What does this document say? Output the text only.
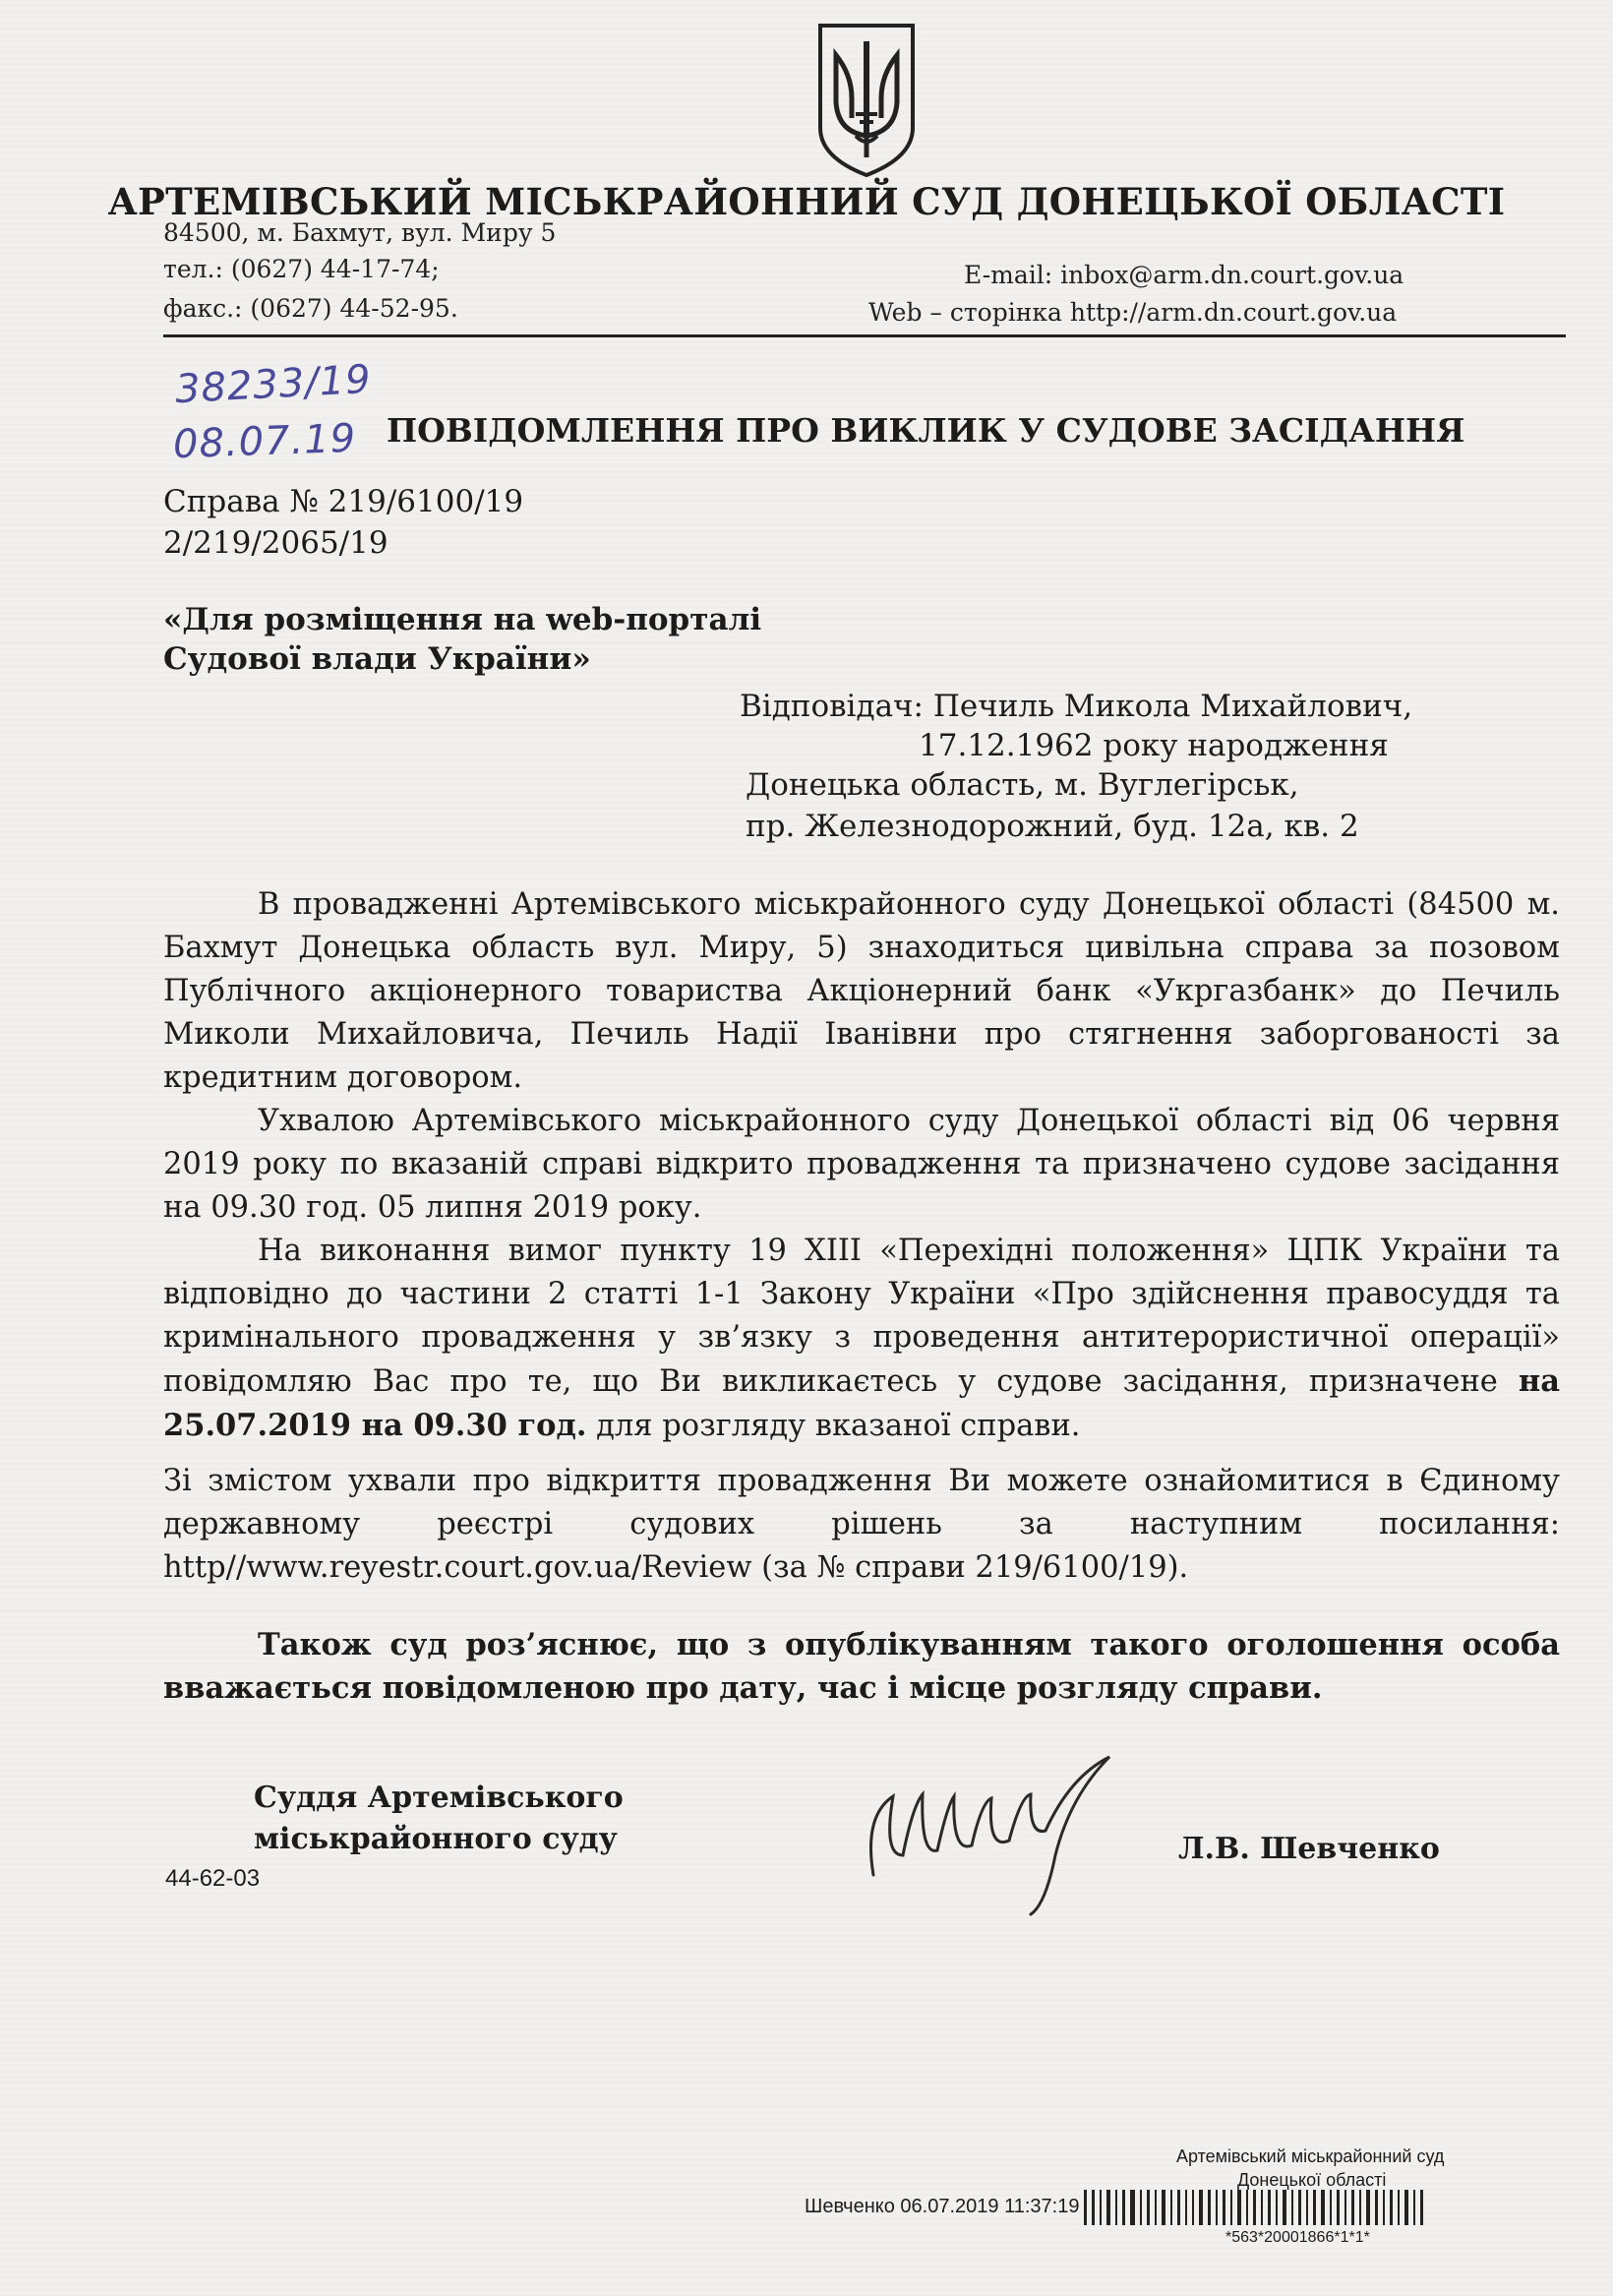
АРТЕМІВСЬКИЙ МІСЬКРАЙОННИЙ СУД ДОНЕЦЬКОЇ ОБЛАСТІ
84500, м. Бахмут, вул. Миру 5
тел.: (0627) 44-17-74;
факс.: (0627) 44-52-95.
E-mail: inbox@arm.dn.court.gov.ua
Web – сторінка http://arm.dn.court.gov.ua
38233/19
08.07.19 ПОВІДОМЛЕННЯ ПРО ВИКЛИК У СУДОВЕ ЗАСІДАННЯ
Справа № 219/6100/19
2/219/2065/19
«Для розміщення на web-порталі
Судової влади України»
Відповідач: Печиль Микола Михайлович,
17.12.1962 року народження
Донецька область, м. Вуглегірськ,
пр. Железнодорожний, буд. 12а, кв. 2

В провадженні Артемівського міськрайонного суду Донецької області (84500 м. Бахмут Донецька область вул. Миру, 5) знаходиться цивільна справа за позовом Публічного акціонерного товариства Акціонерний банк «Укргазбанк» до Печиль Миколи Михайловича, Печиль Надії Іванівни про стягнення заборгованості за кредитним договором.

Ухвалою Артемівського міськрайонного суду Донецької області від 06 червня 2019 року по вказаній справі відкрито провадження та призначено судове засідання на 09.30 год. 05 липня 2019 року.

На виконання вимог пункту 19 XIII «Перехідні положення» ЦПК України та відповідно до частини 2 статті 1-1 Закону України «Про здійснення правосуддя та кримінального провадження у зв’язку з проведення антитерористичної операції» повідомляю Вас про те, що Ви викликаєтесь у судове засідання, призначене на 25.07.2019 на 09.30 год. для розгляду вказаної справи.

Зі змістом ухвали про відкриття провадження Ви можете ознайомитися в Єдиному державному реєстрі судових рішень за наступним посилання: http//www.reyestr.court.gov.ua/Review (за № справи 219/6100/19).

Також суд роз’яснює, що з опублікуванням такого оголошення особа вважається повідомленою про дату, час і місце розгляду справи.

Суддя Артемівського
міськрайонного суду
44-62-03
Л.В. Шевченко
Артемівський міськрайонний суд
Донецької області
Шевченко 06.07.2019 11:37:19
*563*20001866*1*1*
